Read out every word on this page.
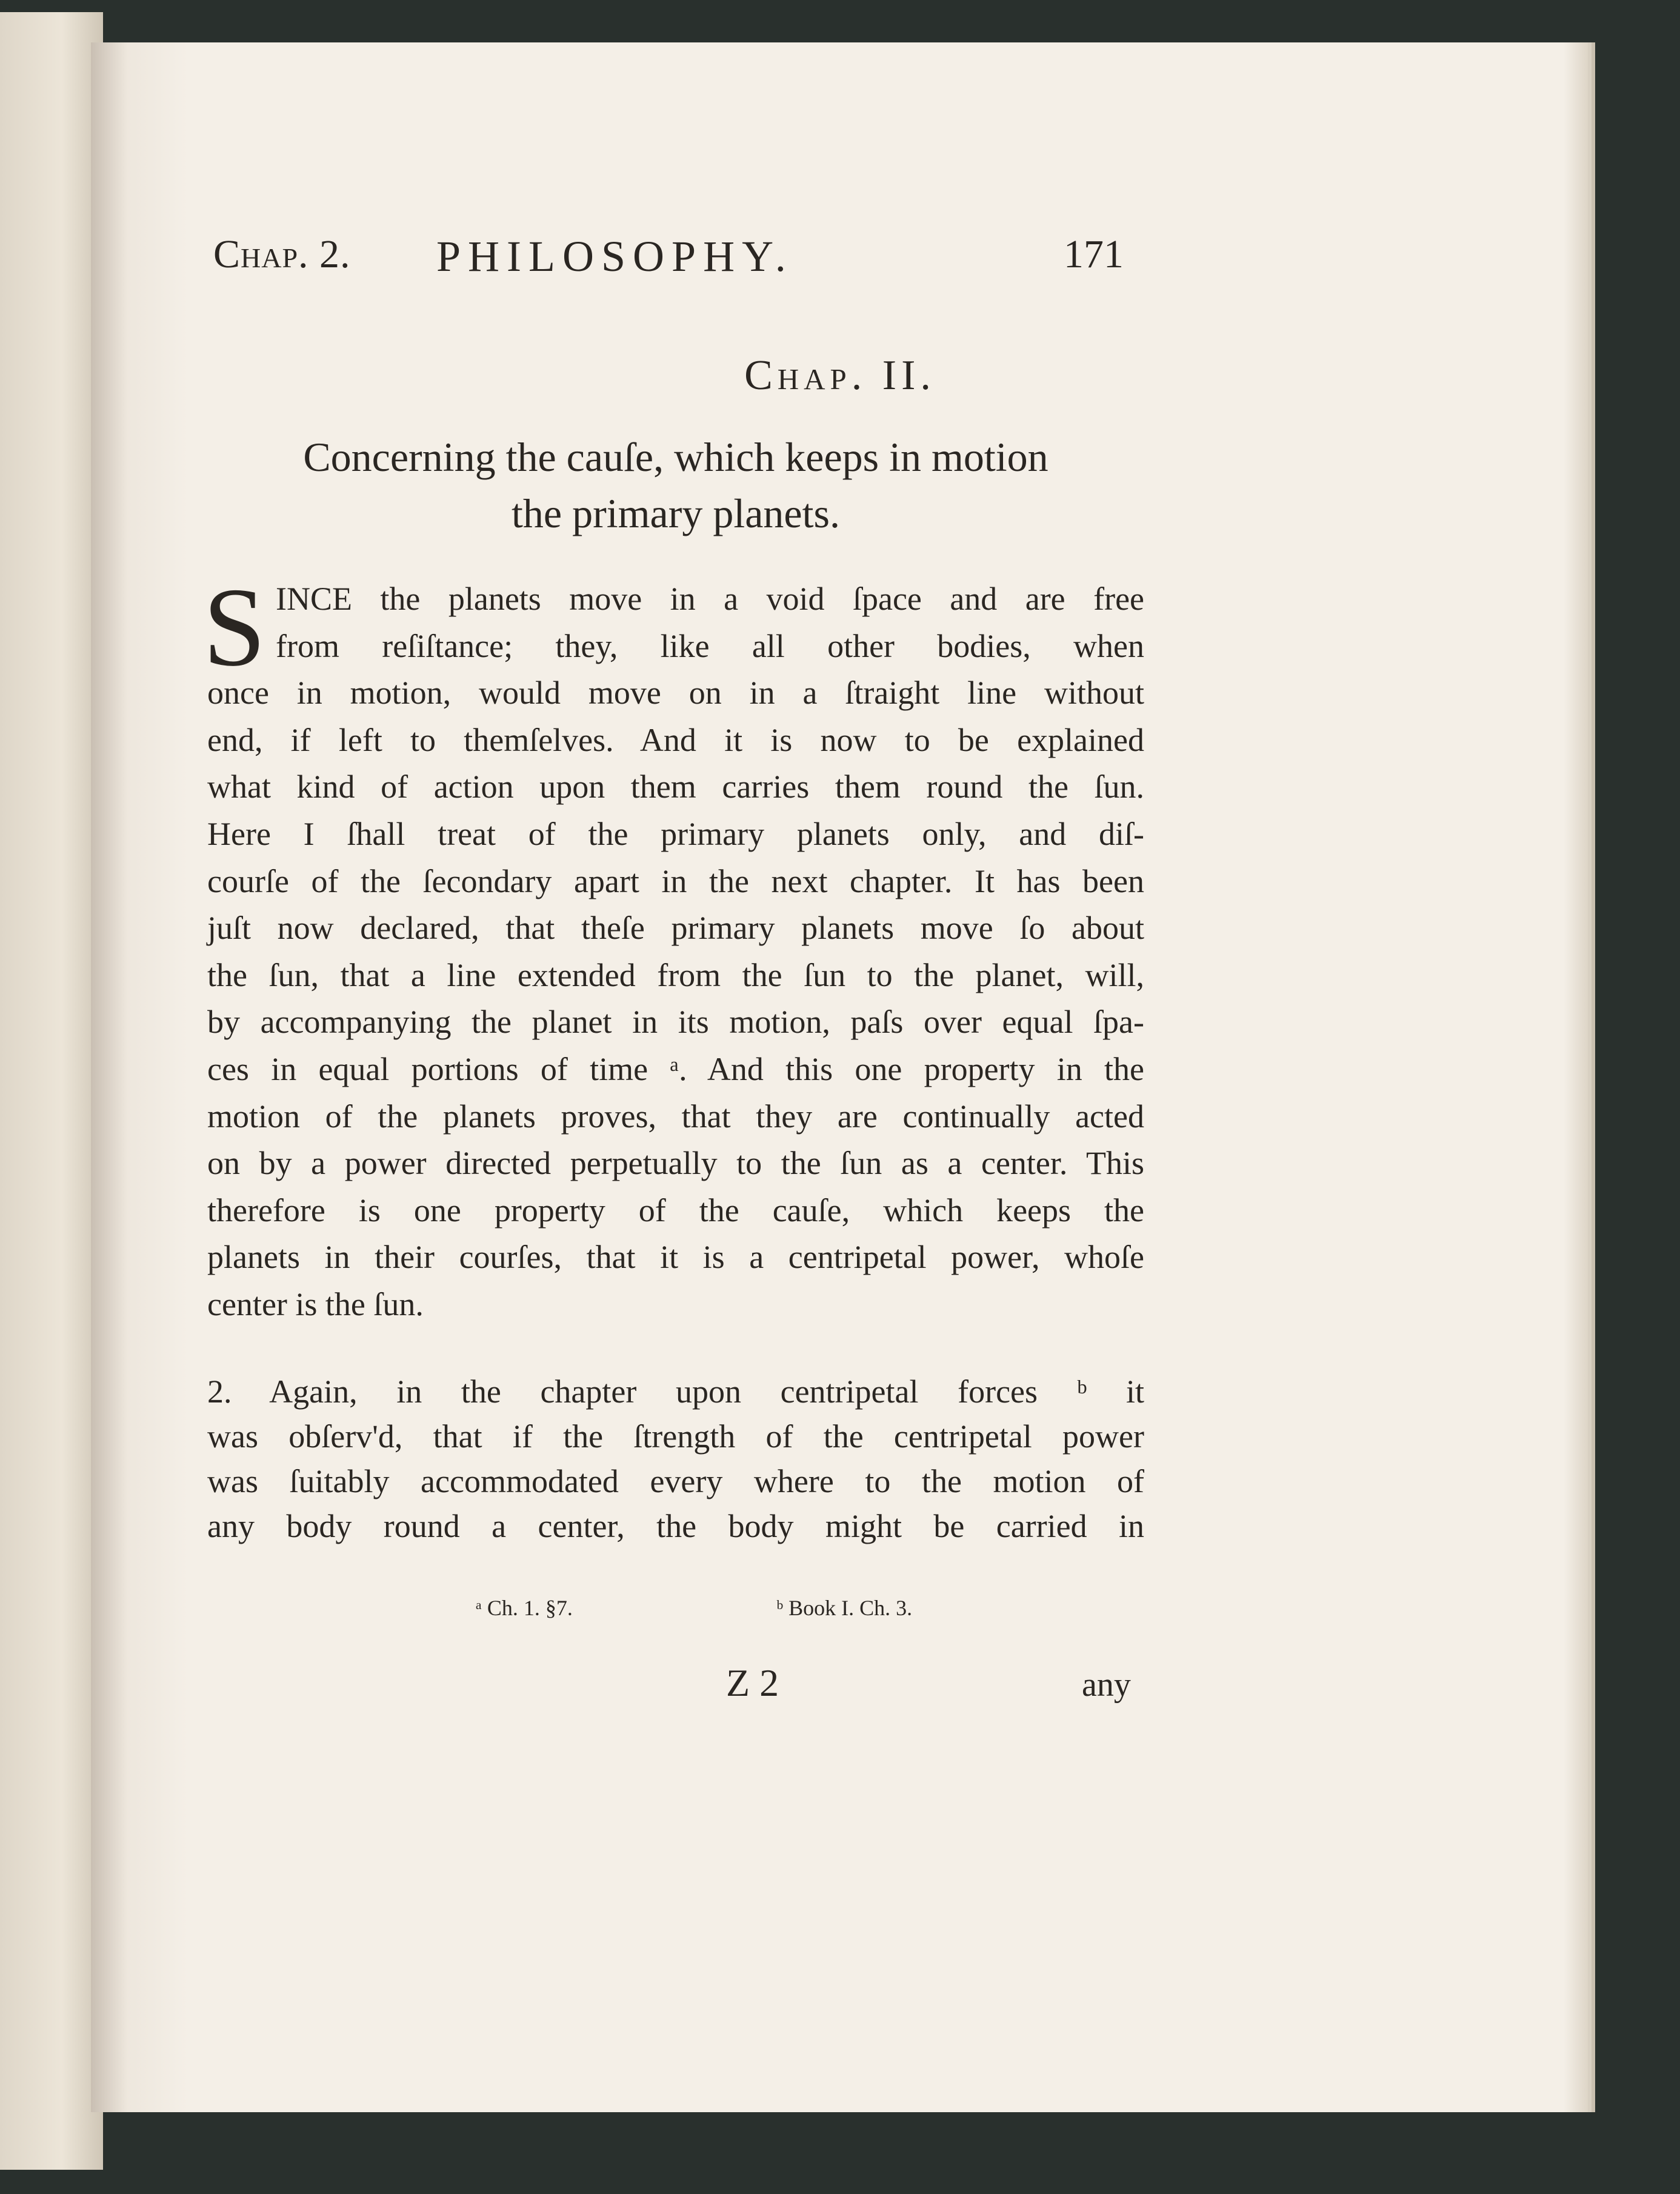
Chap. 2. PHILOSOPHY.	171
Chap. II.
Concerning the cauſe, which keeps in motion
the primary planets.
S INCE the planets move in a void ſpace and are free
from reſiſtance; they, like all other bodies, when
once in motion, would move on in a ſtraight line without
end, if left to themſelves. And it is now to be explained
what kind of action upon them carries them round the ſun.
Here I ſhall treat of the primary planets only, and diſ-
courſe of the ſecondary apart in the next chapter. It has been
juſt now declared, that theſe primary planets move ſo about
the ſun, that a line extended from the ſun to the planet, will,
by accompanying the planet in its motion, paſs over equal ſpa-
ces in equal portions of time ᵃ. And this one property in the
motion of the planets proves, that they are continually acted
on by a power directed perpetually to the ſun as a center. This
therefore is one property of the cauſe, which keeps the
planets in their courſes, that it is a centripetal power, whoſe
center is the ſun.
2. Again, in the chapter upon centripetal forces ᵇ it
was obſerv'd, that if the ſtrength of the centripetal power
was ſuitably accommodated every where to the motion of
any body round a center, the body might be carried in
ᵃ Ch. 1. §7.	ᵇ Book I. Ch. 3.
Z 2	any
